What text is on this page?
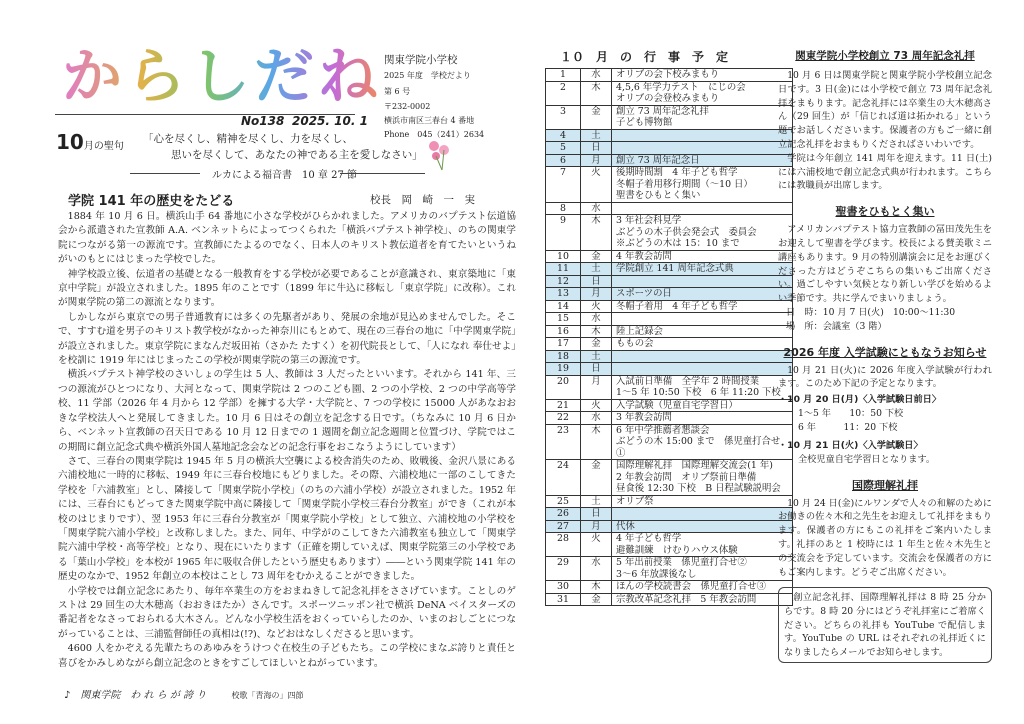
からしだね
No138 2025. 10. 1
関東学院小学校
2025 年度　学校だより
第 6 号
〒232-0002
横浜市南区三春台 4 番地
Phone　045（241）2634
10月の聖句
「心を尽くし、精神を尽くし、力を尽くし、
思いを尽くして、あなたの神である主を愛しなさい」
ルカによる福音書　10 章 27 節
学院 141 年の歴史をたどる	校長　岡　崎　一　実

1884 年 10 月 6 日。横浜山手 64 番地に小さな学校がひらかれました。アメリカのバプテスト伝道協会から派遣された宣教師 A.A. ベンネットらによってつくられた「横浜バプテスト神学校」、のちの関東学院につながる第一の源流です。宣教師にたよるのでなく、日本人のキリスト教伝道者を育てたいというねがいのもとにはじまった学校でした。

神学校設立後、伝道者の基礎となる一般教育をする学校が必要であることが意識され、東京築地に「東京中学院」が設立されました。1895 年のことです（1899 年に牛込に移転し「東京学院」に改称）。これが関東学院の第二の源流となります。

しかしながら東京での男子普通教育には多くの先駆者があり、発展の余地が見込めませんでした。そこで、すすむ道を男子のキリスト教学校がなかった神奈川にもとめて、現在の三春台の地に「中学関東学院」が設立されました。東京学院にまなんだ坂田祐（さかた たすく）を初代院長として、「人になれ 奉仕せよ」を校訓に 1919 年にはじまったこの学校が関東学院の第三の源流です。

横浜バプテスト神学校のさいしょの学生は 5 人、教師は 3 人だったといいます。それから 141 年、三つの源流がひとつになり、大河となって、関東学院は 2 つのこども園、2 つの小学校、2 つの中学高等学校、11 学部（2026 年 4 月から 12 学部）を擁する大学・大学院と、7 つの学校に 15000 人があなおおきな学校法人へと発展してきました。10 月 6 日はその創立を記念する日です。（ちなみに 10 月 6 日から、ベンネット宣教師の召天日である 10 月 12 日までの 1 週間を創立記念週間と位置づけ、学院ではこの期間に創立記念式典や横浜外国人墓地記念会などの記念行事をおこなうようにしています）

さて、三春台の関東学院は 1945 年 5 月の横浜大空襲による校舎消失のため、敗戦後、金沢八景にある六浦校地に一時的に移転、1949 年に三春台校地にもどりました。その際、六浦校地に一部のこしてきた学校を「六浦教室」とし、隣接して「関東学院小学校」（のちの六浦小学校）が設立されました。1952 年には、三春台にもどってきた関東学院中高に隣接して「関東学院小学校三春台分教室」ができ（これが本校のはじまりです）、翌 1953 年に三春台分教室が「関東学院小学校」として独立、六浦校地の小学校を「関東学院六浦小学校」と改称しました。また、同年、中学がのこしてきた六浦教室も独立して「関東学院六浦中学校・高等学校」となり、現在にいたります（正確を期していえば、関東学院第三の小学校である「葉山小学校」を本校が 1965 年に吸収合併したという歴史もあります）――という関東学院 141 年の歴史のなかで、1952 年創立の本校はことし 73 周年をむかえることができました。

小学校では創立記念にあたり、毎年卒業生の方をおまねきして記念礼拝をささげています。ことしのゲストは 29 回生の大木穂高（おおきほたか）さんです。スポーツニッポン社で横浜 DeNA ベイスターズの番記者をなさっておられる大木さん。どんな小学校生活をおくっていらしたのか、いまのおしごとにつながっていることは、三浦監督師任の真相は(!?)、などおはなしくださると思います。

4600 人をかぞえる先輩たちのあゆみをうけつぐ在校生の子どもたち。この学校にまなぶ誇りと責任と喜びをかみしめながら創立記念のときをすごしてほしいとねがっています。

♪　関東学院　わ れ ら が 誇 り	校歌「青海の」四節
１０　月　の　行　事　予　定
1	水	オリブの会下校みまもり

2	木	4,5,6 年学力テスト　にじの会
オリブの会登校みまもり

3	金	創立 73 周年記念礼拝
子ども博物館

4	土	

5	日	

6	月	創立 73 周年記念日

7	火	後期時間割　4 年子ども哲学
冬帽子着用移行期間（～10 日）
聖書をひもとく集い

8	水	

9	木	3 年社会科見学
ぶどうの木子供会発会式　委員会
※ぶどうの木は 15：10 まで

10	金	4 年教会訪問

11	土	学院創立 141 周年記念式典

12	日	

13	月	スポーツの日

14	火	冬帽子着用　4 年子ども哲学

15	水	

16	木	陸上記録会

17	金	ももの会

18	土	

19	日	

20	月	入試前日準備　全学年 2 時間授業
1～5 年 10:50 下校　6 年 11:20 下校

21	火	入学試験（児童自宅学習日）

22	水	3 年教会訪問

23	木	6 年中学推薦者懇談会
ぶどうの木 15:00 まで　係児童打合せ①

24	金	国際理解礼拝　国際理解交流会(1 年)
2 年教会訪問　オリブ祭前日準備
昼食後 12:30 下校　B 日程試験説明会

25	土	オリブ祭

26	日	

27	月	代休

28	火	4 年子ども哲学
避難訓練　けむりハウス体験

29	水	5 年出前授業　係児童打合せ②
3～6 年放課後なし

30	木	ほんの学校読書会　係児童打合せ③

31	金	宗教改革記念礼拝　5 年教会訪問
関東学院小学校創立 73 周年記念礼拝

10 月 6 日は関東学院と関東学院小学校創立記念日です。3 日(金)には小学校で創立 73 周年記念礼拝をまもります。記念礼拝には卒業生の大木穂高さん（29 回生）が「信じれば道は拓かれる」という題でお話しくださいます。保護者の方もご一緒に創立記念礼拝をおまもりくださればさいわいです。

学院は今年創立 141 周年を迎えます。11 日(土)には六浦校地で創立記念式典が行われます。こちらには教職員が出席します。

聖書をひもとく集い

アメリカンバプテスト協力宣教師の冨田茂先生をお迎えして聖書を学びます。校長による賛美歌ミニ講座もあります。9 月の特別講演会に足をお運びくださった方はどうぞこちらの集いもご出席ください。過ごしやすい気候となり新しい学びを始めるよい季節です。共に学んでまいりましょう。

日　時：10 月 7 日(火)　10:00～11:30
場　所：会議室（3 階）
2026 年度 入学試験にともなうお知らせ

10 月 21 日(火)に 2026 年度入学試験が行われます。このため下記の予定となります。

・10 月 20 日(月)〈入学試験日前日〉
1～5 年　　10：50 下校
6 年　　　11：20 下校
・10 月 21 日(火)〈入学試験日〉
全校児童自宅学習日となります。
国際理解礼拝

10 月 24 日(金)にルワンダで人々の和解のためにお働きの佐々木和之先生をお迎えして礼拝をまもります。保護者の方にもこの礼拝をご案内いたします。礼拝のあと 1 校時には 1 年生と佐々木先生との交流会を予定しています。交流会を保護者の方にもご案内します。どうぞご出席ください。

創立記念礼拝、国際理解礼拝は 8 時 25 分からです。8 時 20 分にはどうぞ礼拝室にご着席ください。どちらの礼拝も YouTube で配信します。YouTube の URL はそれぞれの礼拝近くになりましたらメールでお知らせします。
